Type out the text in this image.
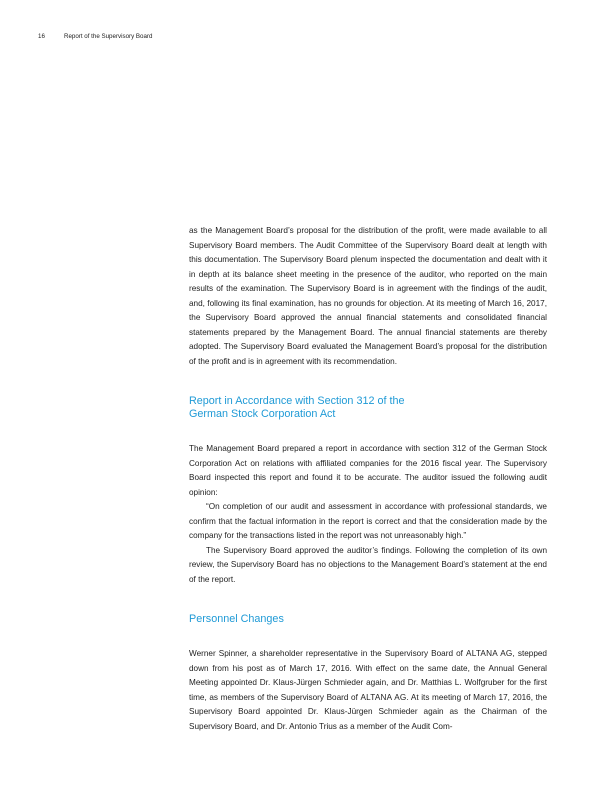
16	Report of the Supervisory Board

as the Management Board’s proposal for the distribution of the profit, were made available to all Supervisory Board members. The Audit Committee of the Supervisory Board dealt at length with this documentation. The Supervisory Board plenum inspected the documentation and dealt with it in depth at its balance sheet meeting in the presence of the auditor, who reported on the main results of the examination. The Supervisory Board is in agreement with the findings of the audit, and, following its final examination, has no grounds for objection. At its meeting of March 16, 2017, the Supervisory Board approved the annual financial statements and consolidated financial statements prepared by the Management Board. The annual financial statements are thereby adopted. The Supervisory Board evaluated the Management Board’s proposal for the distribution of the profit and is in agreement with its recommendation.

Report in Accordance with Section 312 of the
German Stock Corporation Act

The Management Board prepared a report in accordance with section 312 of the German Stock Corporation Act on relations with affiliated companies for the 2016 fiscal year. The Supervisory Board inspected this report and found it to be accurate. The auditor issued the following audit opinion:

“On completion of our audit and assessment in accordance with professional standards, we confirm that the factual information in the report is correct and that the consideration made by the company for the transactions listed in the report was not unreasonably high.”

The Supervisory Board approved the auditor’s findings. Following the completion of its own review, the Supervisory Board has no objections to the Management Board’s statement at the end of the report.

Personnel Changes

Werner Spinner, a shareholder representative in the Supervisory Board of ALTANA AG, stepped down from his post as of March 17, 2016. With effect on the same date, the Annual General Meeting appointed Dr. Klaus-Jürgen Schmieder again, and Dr. Matthias L. Wolfgruber for the first time, as members of the Supervisory Board of ALTANA AG. At its meeting of March 17, 2016, the Supervisory Board appointed Dr. Klaus-Jürgen Schmieder again as the Chairman of the Supervisory Board, and Dr. Antonio Trius as a member of the Audit Com-
